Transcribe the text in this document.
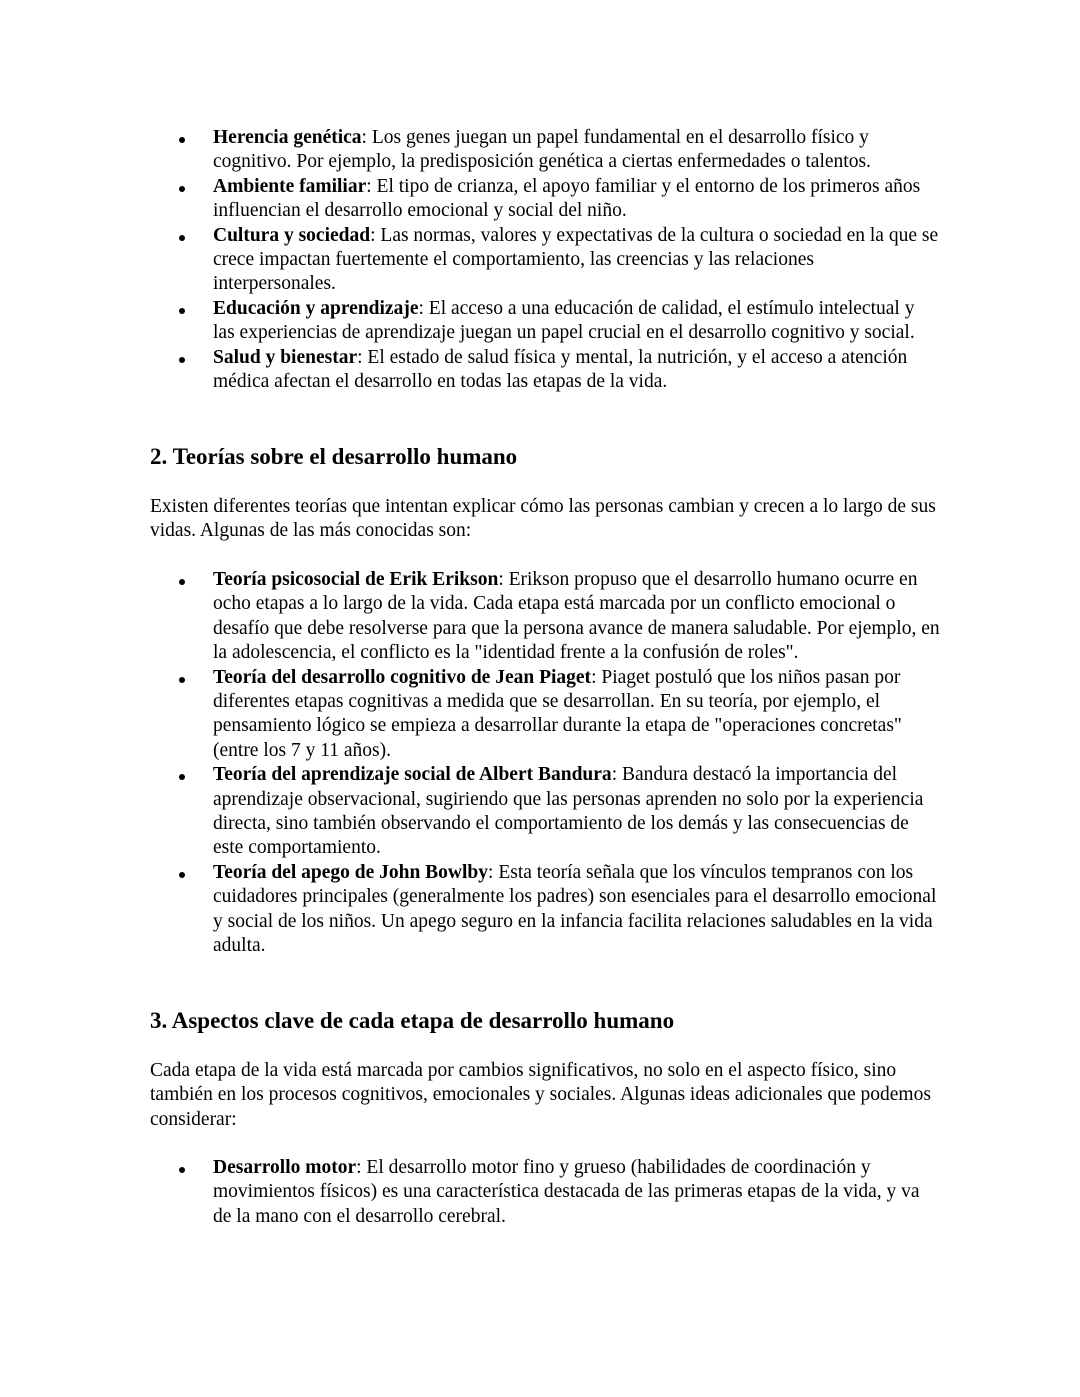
Herencia genética: Los genes juegan un papel fundamental en el desarrollo físico y cognitivo. Por ejemplo, la predisposición genética a ciertas enfermedades o talentos.
Ambiente familiar: El tipo de crianza, el apoyo familiar y el entorno de los primeros años influencian el desarrollo emocional y social del niño.
Cultura y sociedad: Las normas, valores y expectativas de la cultura o sociedad en la que se crece impactan fuertemente el comportamiento, las creencias y las relaciones interpersonales.
Educación y aprendizaje: El acceso a una educación de calidad, el estímulo intelectual y las experiencias de aprendizaje juegan un papel crucial en el desarrollo cognitivo y social.
Salud y bienestar: El estado de salud física y mental, la nutrición, y el acceso a atención médica afectan el desarrollo en todas las etapas de la vida.
2. Teorías sobre el desarrollo humano

Existen diferentes teorías que intentan explicar cómo las personas cambian y crecen a lo largo de sus vidas. Algunas de las más conocidas son:

Teoría psicosocial de Erik Erikson: Erikson propuso que el desarrollo humano ocurre en ocho etapas a lo largo de la vida. Cada etapa está marcada por un conflicto emocional o desafío que debe resolverse para que la persona avance de manera saludable. Por ejemplo, en la adolescencia, el conflicto es la "identidad frente a la confusión de roles".
Teoría del desarrollo cognitivo de Jean Piaget: Piaget postuló que los niños pasan por diferentes etapas cognitivas a medida que se desarrollan. En su teoría, por ejemplo, el pensamiento lógico se empieza a desarrollar durante la etapa de "operaciones concretas" (entre los 7 y 11 años).
Teoría del aprendizaje social de Albert Bandura: Bandura destacó la importancia del aprendizaje observacional, sugiriendo que las personas aprenden no solo por la experiencia directa, sino también observando el comportamiento de los demás y las consecuencias de este comportamiento.
Teoría del apego de John Bowlby: Esta teoría señala que los vínculos tempranos con los cuidadores principales (generalmente los padres) son esenciales para el desarrollo emocional y social de los niños. Un apego seguro en la infancia facilita relaciones saludables en la vida adulta.
3. Aspectos clave de cada etapa de desarrollo humano

Cada etapa de la vida está marcada por cambios significativos, no solo en el aspecto físico, sino también en los procesos cognitivos, emocionales y sociales. Algunas ideas adicionales que podemos considerar:

Desarrollo motor: El desarrollo motor fino y grueso (habilidades de coordinación y movimientos físicos) es una característica destacada de las primeras etapas de la vida, y va de la mano con el desarrollo cerebral.
